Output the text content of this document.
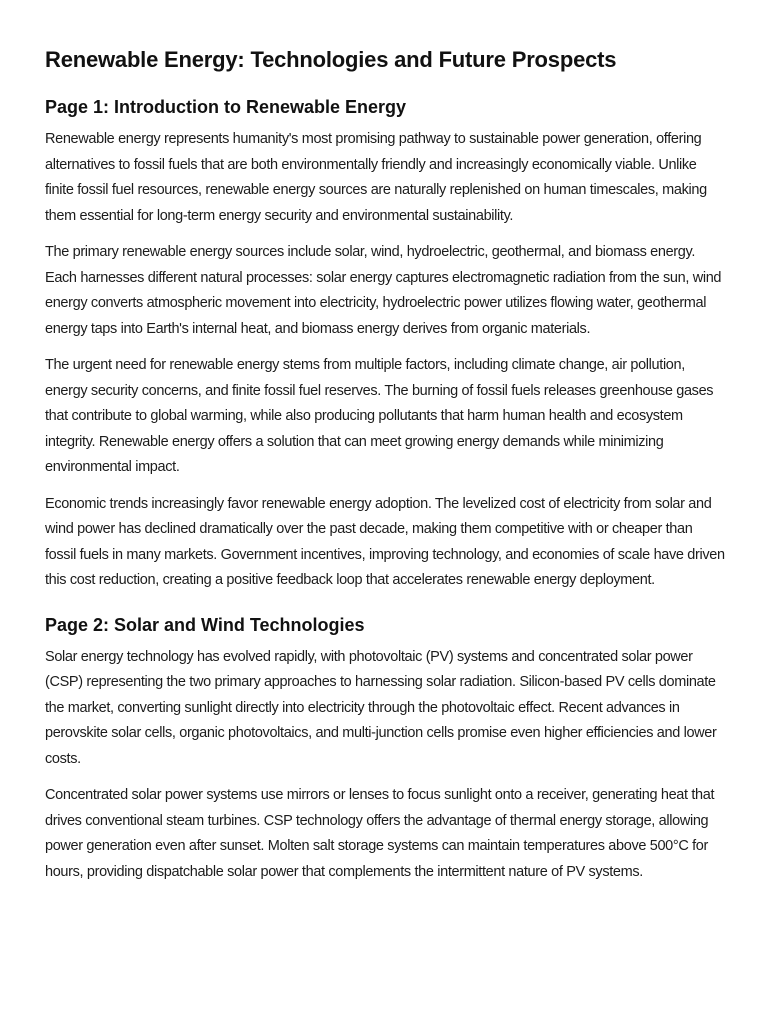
Renewable Energy: Technologies and Future Prospects
Page 1: Introduction to Renewable Energy

Renewable energy represents humanity's most promising pathway to sustainable power generation, offering alternatives to fossil fuels that are both environmentally friendly and increasingly economically viable. Unlike finite fossil fuel resources, renewable energy sources are naturally replenished on human timescales, making them essential for long-term energy security and environmental sustainability.

The primary renewable energy sources include solar, wind, hydroelectric, geothermal, and biomass energy. Each harnesses different natural processes: solar energy captures electromagnetic radiation from the sun, wind energy converts atmospheric movement into electricity, hydroelectric power utilizes flowing water, geothermal energy taps into Earth's internal heat, and biomass energy derives from organic materials.

The urgent need for renewable energy stems from multiple factors, including climate change, air pollution, energy security concerns, and finite fossil fuel reserves. The burning of fossil fuels releases greenhouse gases that contribute to global warming, while also producing pollutants that harm human health and ecosystem integrity. Renewable energy offers a solution that can meet growing energy demands while minimizing environmental impact.

Economic trends increasingly favor renewable energy adoption. The levelized cost of electricity from solar and wind power has declined dramatically over the past decade, making them competitive with or cheaper than fossil fuels in many markets. Government incentives, improving technology, and economies of scale have driven this cost reduction, creating a positive feedback loop that accelerates renewable energy deployment.

Page 2: Solar and Wind Technologies

Solar energy technology has evolved rapidly, with photovoltaic (PV) systems and concentrated solar power (CSP) representing the two primary approaches to harnessing solar radiation. Silicon-based PV cells dominate the market, converting sunlight directly into electricity through the photovoltaic effect. Recent advances in perovskite solar cells, organic photovoltaics, and multi-junction cells promise even higher efficiencies and lower costs.

Concentrated solar power systems use mirrors or lenses to focus sunlight onto a receiver, generating heat that drives conventional steam turbines. CSP technology offers the advantage of thermal energy storage, allowing power generation even after sunset. Molten salt storage systems can maintain temperatures above 500°C for hours, providing dispatchable solar power that complements the intermittent nature of PV systems.
